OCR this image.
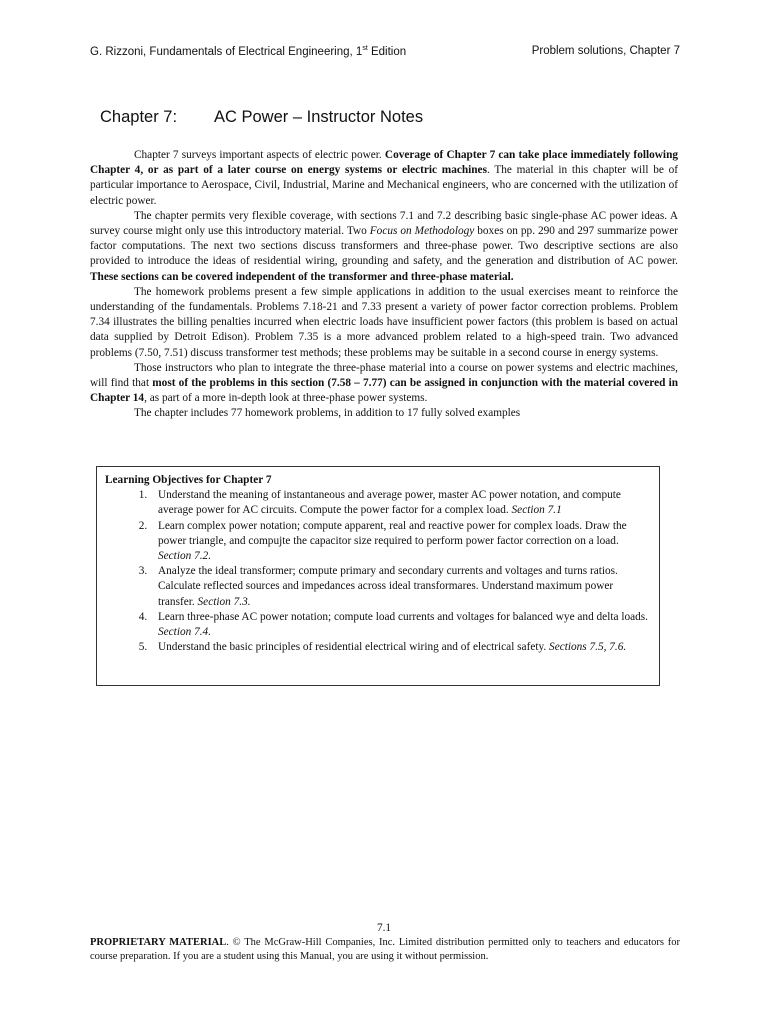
G. Rizzoni, Fundamentals of Electrical Engineering, 1st Edition	Problem solutions, Chapter 7
Chapter 7:	AC Power – Instructor Notes

Chapter 7 surveys important aspects of electric power. Coverage of Chapter 7 can take place immediately following Chapter 4, or as part of a later course on energy systems or electric machines. The material in this chapter will be of particular importance to Aerospace, Civil, Industrial, Marine and Mechanical engineers, who are concerned with the utilization of electric power.

The chapter permits very flexible coverage, with sections 7.1 and 7.2 describing basic single-phase AC power ideas. A survey course might only use this introductory material. Two Focus on Methodology boxes on pp. 290 and 297 summarize power factor computations. The next two sections discuss transformers and three-phase power. Two descriptive sections are also provided to introduce the ideas of residential wiring, grounding and safety, and the generation and distribution of AC power. These sections can be covered independent of the transformer and three-phase material.

The homework problems present a few simple applications in addition to the usual exercises meant to reinforce the understanding of the fundamentals. Problems 7.18-21 and 7.33 present a variety of power factor correction problems. Problem 7.34 illustrates the billing penalties incurred when electric loads have insufficient power factors (this problem is based on actual data supplied by Detroit Edison). Problem 7.35 is a more advanced problem related to a high-speed train. Two advanced problems (7.50, 7.51) discuss transformer test methods; these problems may be suitable in a second course in energy systems.

Those instructors who plan to integrate the three-phase material into a course on power systems and electric machines, will find that most of the problems in this section (7.58 – 7.77) can be assigned in conjunction with the material covered in Chapter 14, as part of a more in-depth look at three-phase power systems.

The chapter includes 77 homework problems, in addition to 17 fully solved examples

Learning Objectives for Chapter 7
1. Understand the meaning of instantaneous and average power, master AC power notation, and compute average power for AC circuits. Compute the power factor for a complex load. Section 7.1
2. Learn complex power notation; compute apparent, real and reactive power for complex loads. Draw the power triangle, and compujte the capacitor size required to perform power factor correction on a load. Section 7.2.
3. Analyze the ideal transformer; compute primary and secondary currents and voltages and turns ratios. Calculate reflected sources and impedances across ideal transformares. Understand maximum power transfer. Section 7.3.
4. Learn three-phase AC power notation; compute load currents and voltages for balanced wye and delta loads. Section 7.4.
5. Understand the basic principles of residential electrical wiring and of electrical safety. Sections 7.5, 7.6.
7.1
PROPRIETARY MATERIAL. © The McGraw-Hill Companies, Inc. Limited distribution permitted only to teachers and educators for course preparation. If you are a student using this Manual, you are using it without permission.
